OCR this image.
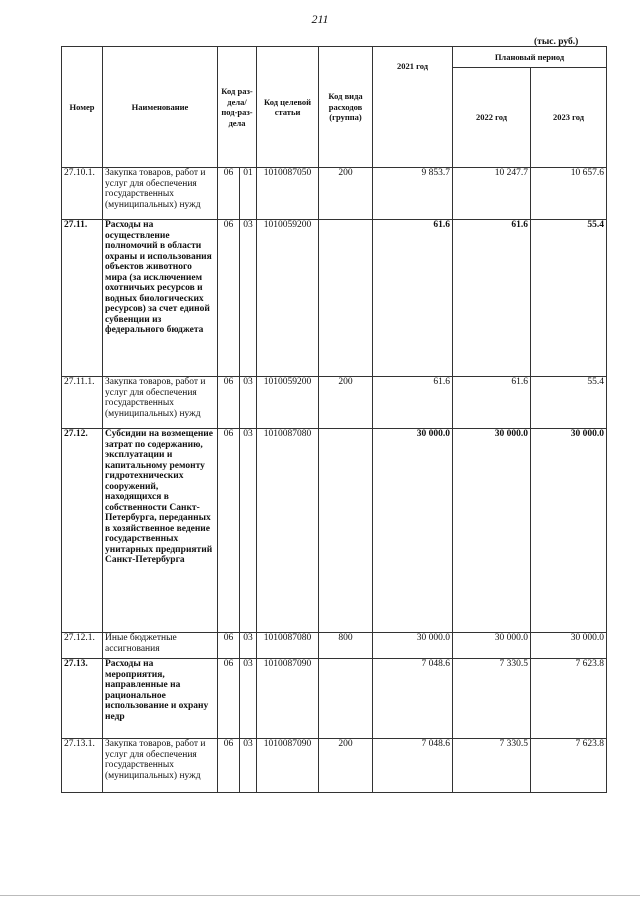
211
(тыс. руб.)
Номер	Наименование	Код раз-дела/ под-раз-дела		Код целевой статьи	Код вида расходов (группа)	2021 год	Плановый период	
							2022 год	2023 год
27.10.1.	Закупка товаров, работ и услуг для обеспечения государственных (муниципальных) нужд	06	01	1010087050	200	9 853.7	10 247.7	10 657.6
27.11.	Расходы на осуществление полномочий в области охраны и использования объектов животного мира (за исключением охотничьих ресурсов и водных биологических ресурсов) за счет единой субвенции из федерального бюджета	06	03	1010059200		61.6	61.6	55.4
27.11.1.	Закупка товаров, работ и услуг для обеспечения государственных (муниципальных) нужд	06	03	1010059200	200	61.6	61.6	55.4
27.12.	Субсидии на возмещение затрат по содержанию, эксплуатации и капитальному ремонту гидротехнических сооружений, находящихся в собственности Санкт-Петербурга, переданных в хозяйственное ведение государственных унитарных предприятий Санкт-Петербурга	06	03	1010087080		30 000.0	30 000.0	30 000.0
27.12.1.	Иные бюджетные ассигнования	06	03	1010087080	800	30 000.0	30 000.0	30 000.0
27.13.	Расходы на мероприятия, направленные на рациональное использование и охрану недр	06	03	1010087090		7 048.6	7 330.5	7 623.8
27.13.1.	Закупка товаров, работ и услуг для обеспечения государственных (муниципальных) нужд	06	03	1010087090	200	7 048.6	7 330.5	7 623.8
